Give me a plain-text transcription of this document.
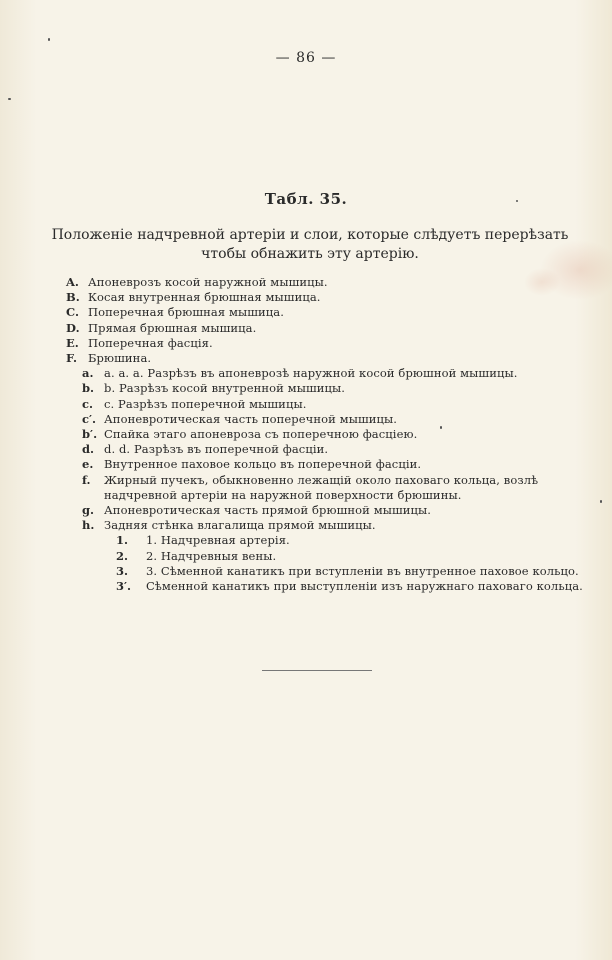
— 86 —
Табл. 35.
Положеніе надчревной артеріи и слои, которые слѣдуетъ перерѣзать
чтобы обнажить эту артерію.
A. Апоневрозъ косой наружной мышицы.
B. Косая внутренная брюшная мышица.
C. Поперечная брюшная мышица.
D. Прямая брюшная мышица.
E. Поперечная фасція.
F. Брюшина.
a. a. a. a. Разрѣзъ въ апоневрозѣ наружной косой брюшной мышицы.
b. b. Разрѣзъ косой внутренной мышицы.
c. c. Разрѣзъ поперечной мышицы.
c′. Апоневротическая часть поперечной мышицы.
b′. Спайка этаго апоневроза съ поперечною фасціею.
d. d. d. Разрѣзъ въ поперечной фасціи.
e. Внутренное паховое кольцо въ поперечной фасціи.
f. Жирный пучекъ, обыкновенно лежащій около паховаго кольца, возлѣ
надчревной артеріи на наружной поверхности брюшины.
g. Апоневротическая часть прямой брюшной мышицы.
h. Задняя стѣнка влагалища прямой мышицы.
1. 1. Надчревная артерія.
2. 2. Надчревныя вены.
3. 3. Сѣменной канатикъ при вступленіи въ внутренное паховое кольцо.
3′. Сѣменной канатикъ при выступленіи изъ наружнаго паховаго кольца.
